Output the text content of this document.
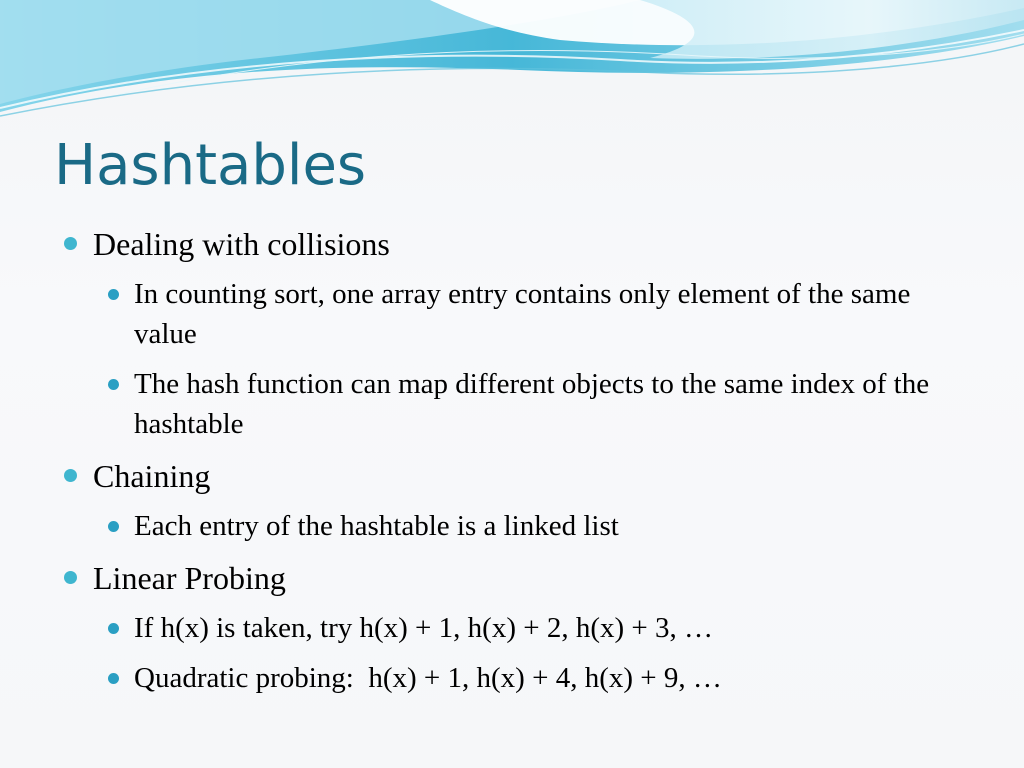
Hashtables
Dealing with collisions
In counting sort, one array entry contains only element of the same value
The hash function can map different objects to the same index of the hashtable
Chaining
Each entry of the hashtable is a linked list
Linear Probing
If h(x) is taken, try h(x) + 1, h(x) + 2, h(x) + 3, …
Quadratic probing:  h(x) + 1, h(x) + 4, h(x) + 9, …
